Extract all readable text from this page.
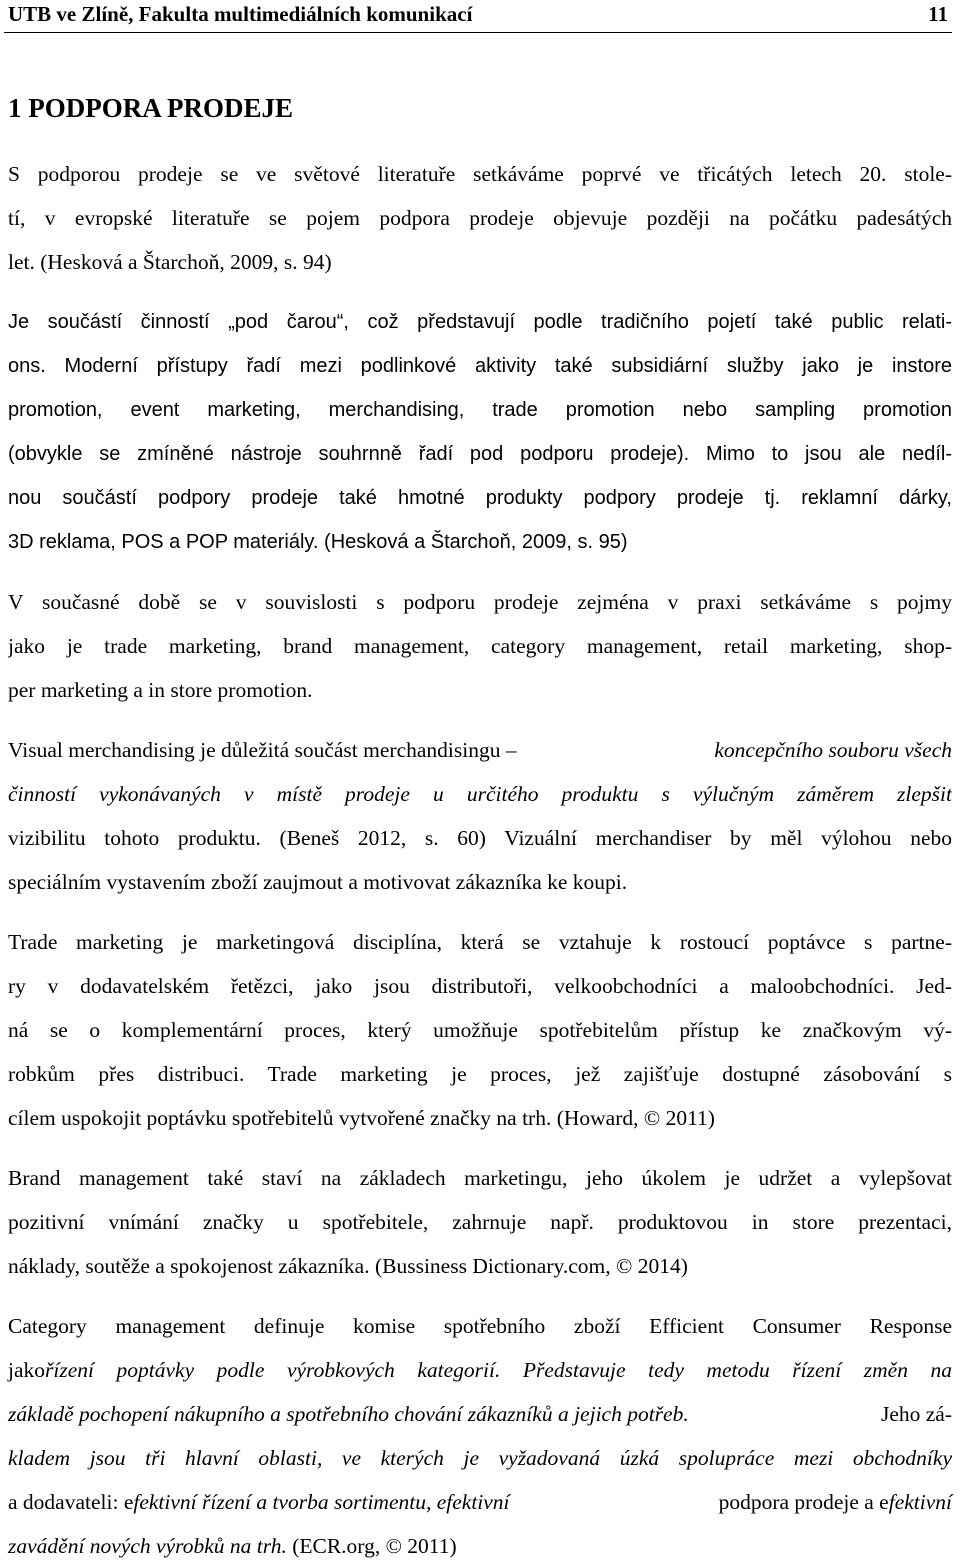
UTB ve Zlíně, Fakulta multimediálních komunikací	11
1 PODPORA PRODEJE
S podporou prodeje se ve světové literatuře setkáváme poprvé ve třicátých letech 20. stole-
tí, v evropské literatuře se pojem podpora prodeje objevuje později na počátku padesátých
let. (Hesková a Štarchoň, 2009, s. 94)
Je součástí činností „pod čarou“, což představují podle tradičního pojetí také public relati-
ons. Moderní přístupy řadí mezi podlinkové aktivity také subsidiární služby jako je instore
promotion, event marketing, merchandising, trade promotion nebo sampling promotion
(obvykle se zmíněné nástroje souhrnně řadí pod podporu prodeje). Mimo to jsou ale nedíl-
nou součástí podpory prodeje také hmotné produkty podpory prodeje tj. reklamní dárky,
3D reklama, POS a POP materiály. (Hesková a Štarchoň, 2009, s. 95)
V současné době se v souvislosti s podporu prodeje zejména v praxi setkáváme s pojmy
jako je trade marketing, brand management, category management, retail marketing, shop-
per marketing a in store promotion.
Visual merchandising je důležitá součást merchandisingu –	koncepčního souboru všech
činností vykonávaných v místě prodeje u určitého produktu s výlučným záměrem zlepšit
vizibilitu tohoto produktu. (Beneš 2012, s. 60) Vizuální merchandiser by měl výlohou nebo
speciálním vystavením zboží zaujmout a motivovat zákazníka ke koupi.
Trade marketing je marketingová disciplína, která se vztahuje k rostoucí poptávce s partne-
ry v dodavatelském řetězci, jako jsou distributoři, velkoobchodníci a maloobchodníci. Jed-
ná se o komplementární proces, který umožňuje spotřebitelům přístup ke značkovým vý-
robkům přes distribuci. Trade marketing je proces, jež zajišťuje dostupné zásobování s
cílem uspokojit poptávku spotřebitelů vytvořené značky na trh. (Howard, © 2011)
Brand management také staví na základech marketingu, jeho úkolem je udržet a vylepšovat
pozitivní vnímání značky u spotřebitele, zahrnuje např. produktovou in store prezentaci,
náklady, soutěže a spokojenost zákazníka. (Bussiness Dictionary.com, © 2014)
Category management definuje komise spotřebního zboží Efficient Consumer Response
jako řízení poptávky podle výrobkových kategorií. Představuje tedy metodu řízení změn na
základě pochopení nákupního a spotřebního chování zákazníků a jejich potřeb.	Jeho zá-
kladem jsou tři hlavní oblasti, ve kterých je vyžadovaná úzká spolupráce mezi obchodníky
a dodavateli: efektivní řízení a tvorba sortimentu, efektivní	podpora prodeje a efektivní
zavádění nových výrobků na trh. (ECR.org, © 2011)
